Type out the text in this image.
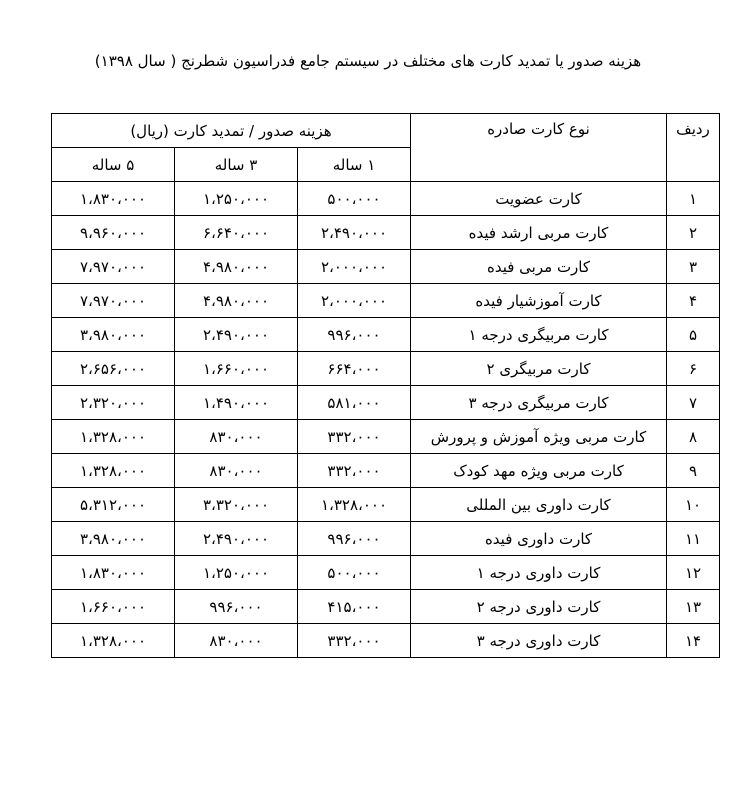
هزینه صدور یا تمدید کارت های مختلف در سیستم جامع فدراسیون شطرنج ( سال ۱۳۹۸)
ردیف	نوع کارت صادره	هزینه صدور / تمدید کارت (ریال)		
		۱ ساله	۳ ساله	۵ ساله
۱	کارت عضویت	۵۰۰،۰۰۰	۱،۲۵۰،۰۰۰	۱،۸۳۰،۰۰۰
۲	کارت مربی ارشد فیده	۲،۴۹۰،۰۰۰	۶،۶۴۰،۰۰۰	۹،۹۶۰،۰۰۰
۳	کارت مربی فیده	۲،۰۰۰،۰۰۰	۴،۹۸۰،۰۰۰	۷،۹۷۰،۰۰۰
۴	کارت آموزشیار فیده	۲،۰۰۰،۰۰۰	۴،۹۸۰،۰۰۰	۷،۹۷۰،۰۰۰
۵	کارت مربیگری درجه ۱	۹۹۶،۰۰۰	۲،۴۹۰،۰۰۰	۳،۹۸۰،۰۰۰
۶	کارت مربیگری ۲	۶۶۴،۰۰۰	۱،۶۶۰،۰۰۰	۲،۶۵۶،۰۰۰
۷	کارت مربیگری درجه ۳	۵۸۱،۰۰۰	۱،۴۹۰،۰۰۰	۲،۳۲۰،۰۰۰
۸	کارت مربی ویژه آموزش و پرورش	۳۳۲،۰۰۰	۸۳۰،۰۰۰	۱،۳۲۸،۰۰۰
۹	کارت مربی ویژه مهد کودک	۳۳۲،۰۰۰	۸۳۰،۰۰۰	۱،۳۲۸،۰۰۰
۱۰	کارت داوری بین المللی	۱،۳۲۸،۰۰۰	۳،۳۲۰،۰۰۰	۵،۳۱۲،۰۰۰
۱۱	کارت داوری فیده	۹۹۶،۰۰۰	۲،۴۹۰،۰۰۰	۳،۹۸۰،۰۰۰
۱۲	کارت داوری درجه ۱	۵۰۰،۰۰۰	۱،۲۵۰،۰۰۰	۱،۸۳۰،۰۰۰
۱۳	کارت داوری درجه ۲	۴۱۵،۰۰۰	۹۹۶،۰۰۰	۱،۶۶۰،۰۰۰
۱۴	کارت داوری درجه ۳	۳۳۲،۰۰۰	۸۳۰،۰۰۰	۱،۳۲۸،۰۰۰
